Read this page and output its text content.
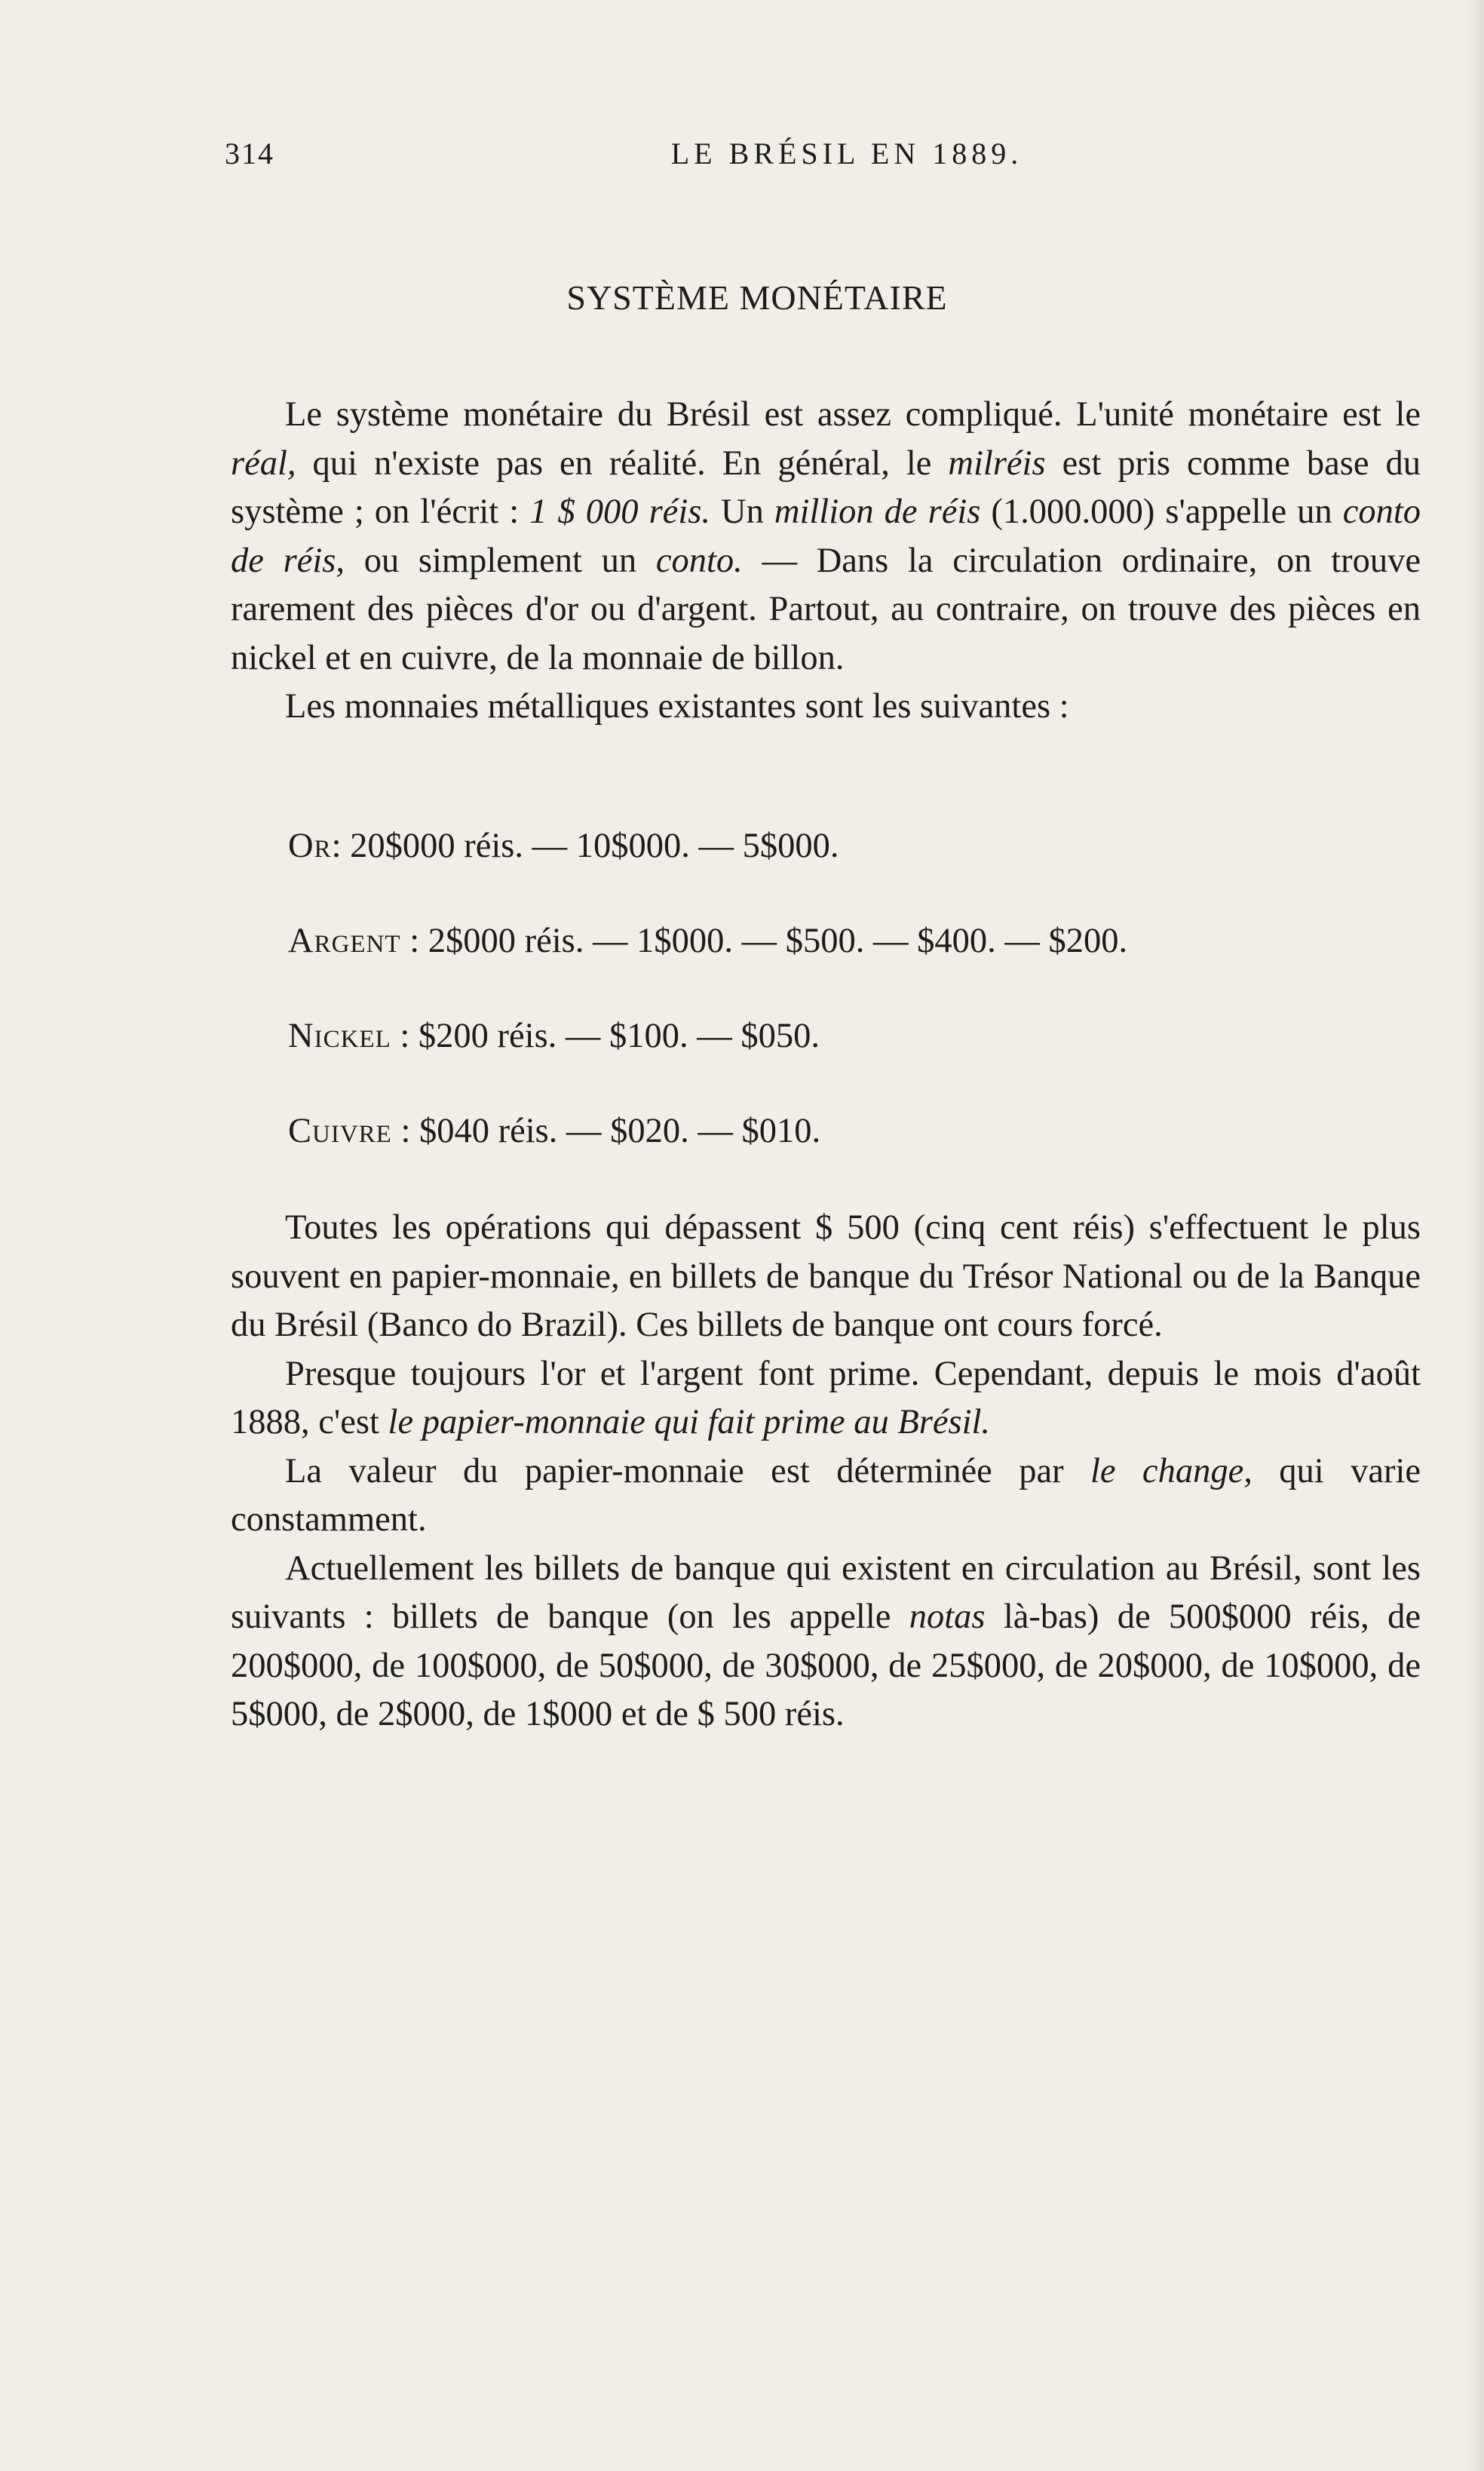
314	LE BRÉSIL EN 1889.
SYSTÈME MONÉTAIRE

Le système monétaire du Brésil est assez compliqué. L'unité monétaire est le réal, qui n'existe pas en réalité. En général, le milréis est pris comme base du système ; on l'écrit : 1 $ 000 réis. Un million de réis (1.000.000) s'appelle un conto de réis, ou simplement un conto. — Dans la circulation ordinaire, on trouve rarement des pièces d'or ou d'argent. Partout, au contraire, on trouve des pièces en nickel et en cuivre, de la monnaie de billon.

Les monnaies métalliques existantes sont les suivantes :

Or: 20$000 réis. — 10$000. — 5$000.
Argent : 2$000 réis. — 1$000. — $500. — $400. — $200.
Nickel : $200 réis. — $100. — $050.
Cuivre : $040 réis. — $020. — $010.

Toutes les opérations qui dépassent $ 500 (cinq cent réis) s'effectuent le plus souvent en papier-monnaie, en billets de banque du Trésor National ou de la Banque du Brésil (Banco do Brazil). Ces billets de banque ont cours forcé.

Presque toujours l'or et l'argent font prime. Cependant, depuis le mois d'août 1888, c'est le papier-monnaie qui fait prime au Brésil.

La valeur du papier-monnaie est déterminée par le change, qui varie constamment.

Actuellement les billets de banque qui existent en circulation au Brésil, sont les suivants : billets de banque (on les appelle notas là-bas) de 500$000 réis, de 200$000, de 100$000, de 50$000, de 30$000, de 25$000, de 20$000, de 10$000, de 5$000, de 2$000, de 1$000 et de $ 500 réis.
